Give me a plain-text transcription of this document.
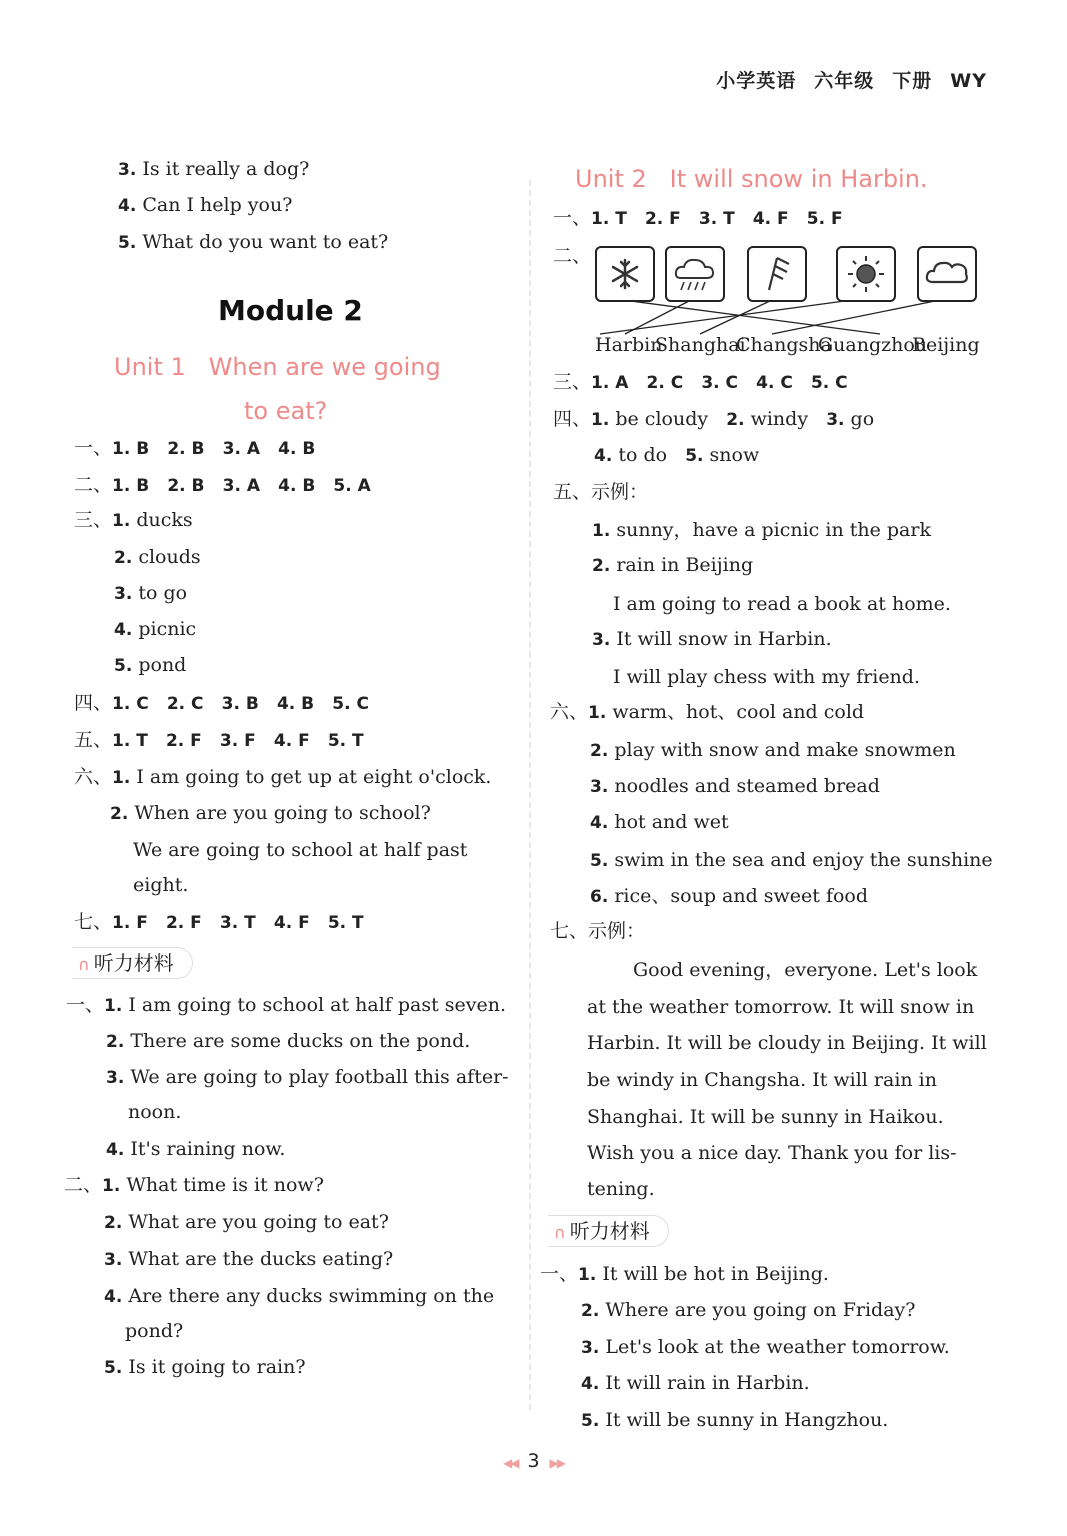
小学英语 六年级 下册 WY
3. Is it really a dog?
4. Can I help you?
5. What do you want to eat?
Module 2
Unit 1 When are we going
to eat?
一、1. B 2. B 3. A 4. B
二、1. B 2. B 3. A 4. B 5. A
三、1. ducks
2. clouds
3. to go
4. picnic
5. pond
四、1. C 2. C 3. B 4. B 5. C
五、1. T 2. F 3. F 4. F 5. T
六、1. I am going to get up at eight o'clock.
2. When are you going to school?
We are going to school at half past
eight.
七、1. F 2. F 3. T 4. F 5. T
∩ 听力材料
一、1. I am going to school at half past seven.
2. There are some ducks on the pond.
3. We are going to play football this after-
noon.
4. It's raining now.
二、1. What time is it now?
2. What are you going to eat?
3. What are the ducks eating?
4. Are there any ducks swimming on the
pond?
5. Is it going to rain?
Unit 2 It will snow in Harbin.
一、1. T 2. F 3. T 4. F 5. F
二、
Harbin
Shanghai
Changsha
Guangzhou
Beijing
三、1. A 2. C 3. C 4. C 5. C
四、1. be cloudy 2. windy 3. go
4. to do 5. snow
五、示例：
1. sunny，have a picnic in the park
2. rain in Beijing
I am going to read a book at home.
3. It will snow in Harbin.
I will play chess with my friend.
六、1. warm、hot、cool and cold
2. play with snow and make snowmen
3. noodles and steamed bread
4. hot and wet
5. swim in the sea and enjoy the sunshine
6. rice、soup and sweet food
七、示例：
Good evening，everyone. Let's look
at the weather tomorrow. It will snow in
Harbin. It will be cloudy in Beijing. It will
be windy in Changsha. It will rain in
Shanghai. It will be sunny in Haikou.
Wish you a nice day. Thank you for lis-
tening.
∩ 听力材料
一、1. It will be hot in Beijing.
2. Where are you going on Friday?
3. Let's look at the weather tomorrow.
4. It will rain in Harbin.
5. It will be sunny in Hangzhou.
◀◀ 3 ▶▶
